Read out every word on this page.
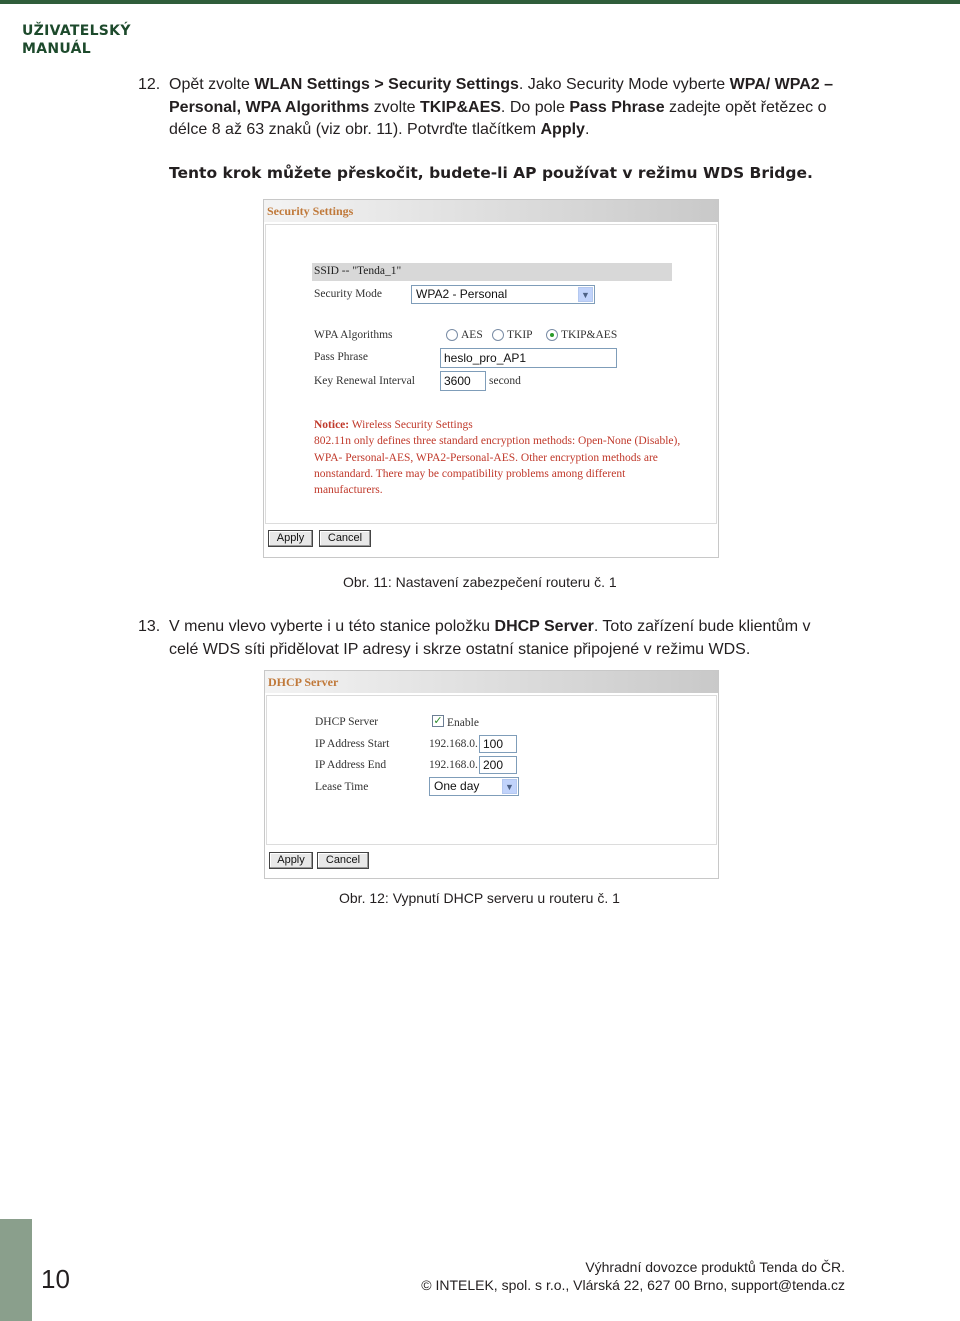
UŽIVATELSKÝ
MANUÁL
12. Opět zvolte WLAN Settings > Security Settings. Jako Security Mode vyberte WPA/ WPA2 – Personal, WPA Algorithms zvolte TKIP&AES. Do pole Pass Phrase zadejte opět řetězec o délce 8 až 63 znaků (viz obr. 11). Potvrďte tlačítkem Apply.
Tento krok můžete přeskočit, budete-li AP používat v režimu WDS Bridge.
Security Settings
SSID -- "Tenda_1"
Security Mode	WPA2 - Personal	▼
WPA Algorithms	AES TKIP TKIP&AES
Pass Phrase	heslo_pro_AP1
Key Renewal Interval	3600	second
Notice: Wireless Security Settings
802.11n only defines three standard encryption methods: Open-None (Disable),
WPA- Personal-AES, WPA2-Personal-AES. Other encryption methods are
nonstandard. There may be compatibility problems among different
manufacturers.
Apply	Cancel
Obr. 11: Nastavení zabezpečení routeru č. 1
13. V menu vlevo vyberte i u této stanice položku DHCP Server. Toto zařízení bude klientům v celé WDS síti přidělovat IP adresy i skrze ostatní stanice připojené v režimu WDS.
DHCP Server
DHCP Server	✓ Enable
IP Address Start	192.168.0. 100
IP Address End	192.168.0. 200
Lease Time	One day	▼
Apply	Cancel
Obr. 12: Vypnutí DHCP serveru u routeru č. 1
10	Výhradní dovozce produktů Tenda do ČR.
© INTELEK, spol. s r.o., Vlárská 22, 627 00 Brno, support@tenda.cz
